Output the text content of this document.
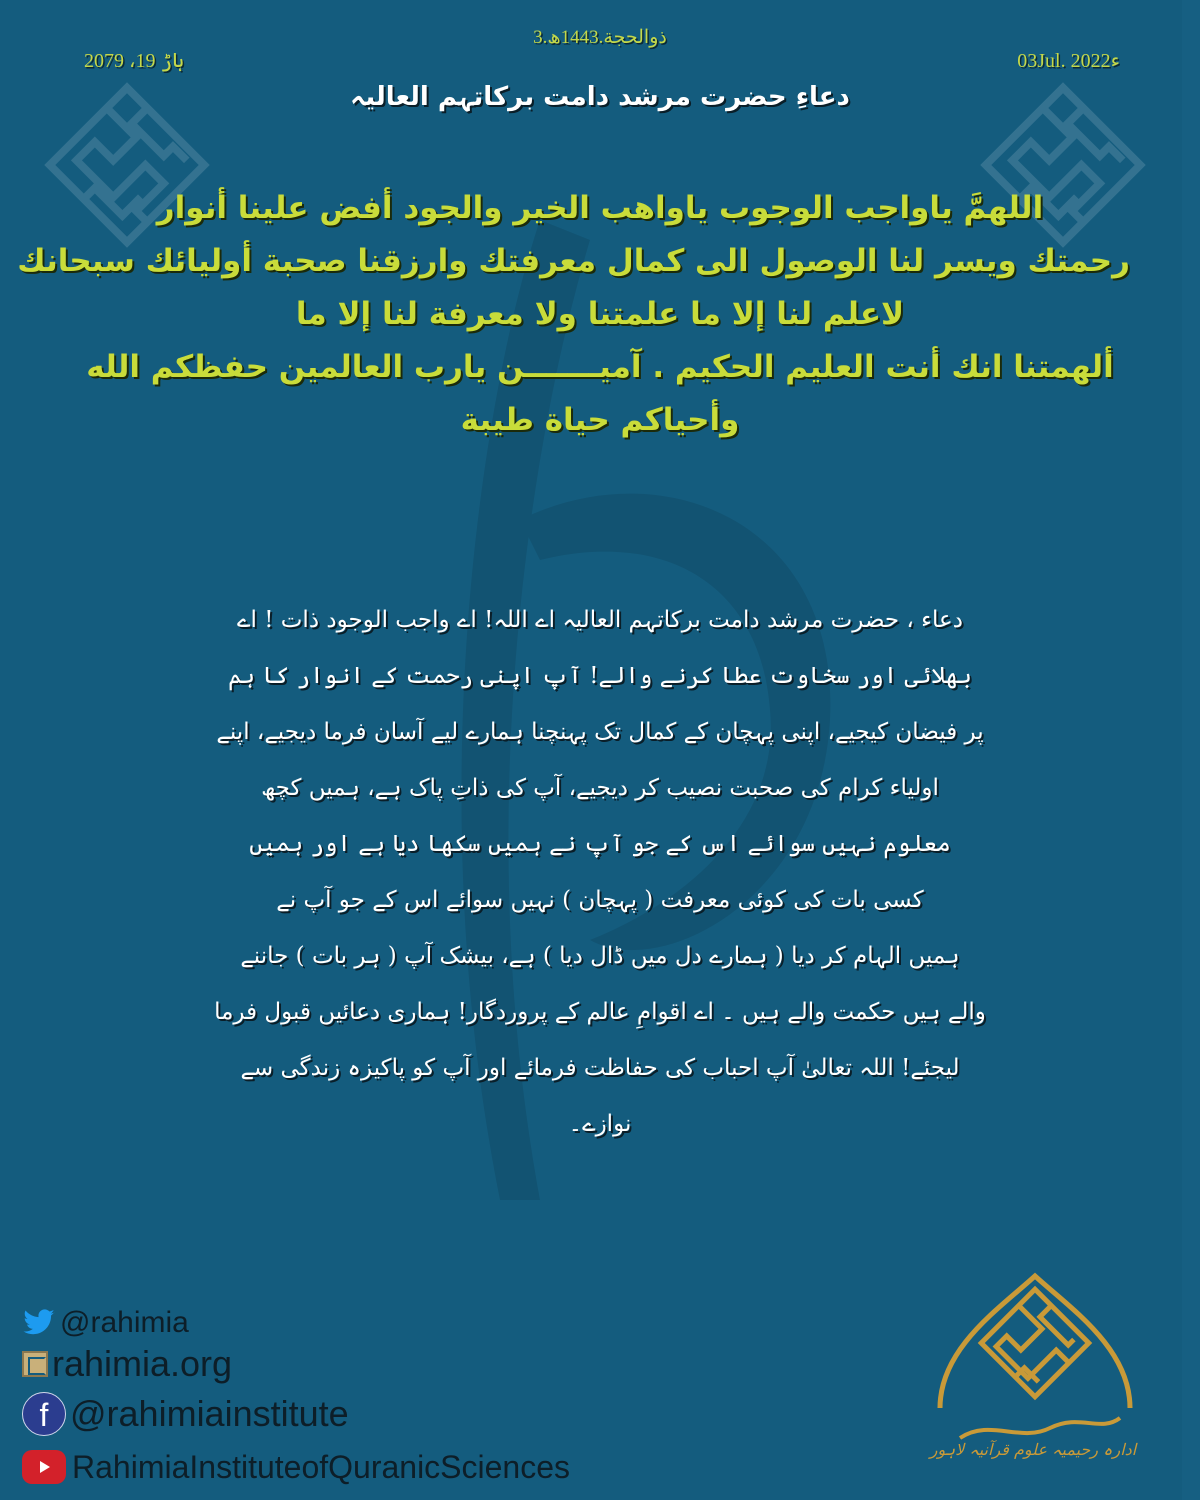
2079 ،19 ہاڑ
3.ذوالحجة.1443ھ
03Jul. 2022ء
دعاءِ حضرت مرشد دامت برکاتہم العالیہ
اللهمَّ ياواجب الوجوب ياواهب الخير والجود أفض علينا أنوار
رحمتك ويسر لنا الوصول الى كمال معرفتك وارزقنا صحبة أوليائك سبحانك
لاعلم لنا إلا ما علمتنا ولا معرفة لنا إلا ما
ألهمتنا انك أنت العليم الحكيم . آميـــــــن يارب العالمين حفظكم الله
وأحياكم حياة طيبة
دعاء ، حضرت مرشد دامت برکاتہم العالیہ اے اللہ! اے واجب الوجود ذات ! اے
بھلائی اور سخاوت عطا کرنے والے! آپ اپنی رحمت کے انوار کا ہم
پر فیضان کیجیے، اپنی پہچان کے کمال تک پہنچنا ہمارے لیے آسان فرما دیجیے، اپنے
اولیاء کرام کی صحبت نصیب کر دیجیے، آپ کی ذاتِ پاک ہے، ہمیں کچھ
معلوم نہیں سوائے اس کے جو آپ نے ہمیں سکھا دیا ہے اور ہمیں
کسی بات کی کوئی معرفت ( پہچان ) نہیں سوائے اس کے جو آپ نے
ہمیں الہام کر دیا ( ہمارے دل میں ڈال دیا ) ہے، بیشک آپ ( ہر بات ) جاننے
والے ہیں حکمت والے ہیں ۔ اے اقوامِ عالم کے پروردگار! ہماری دعائیں قبول فرما
لیجئے! اللہ تعالیٰ آپ احباب کی حفاظت فرمائے اور آپ کو پاکیزہ زندگی سے
نوازے۔
@rahimia
rahimia.org
f @rahimiainstitute
RahimiaInstituteofQuranicSciences	ادارہ رحیمیہ علوم قرآنیہ لاہور
